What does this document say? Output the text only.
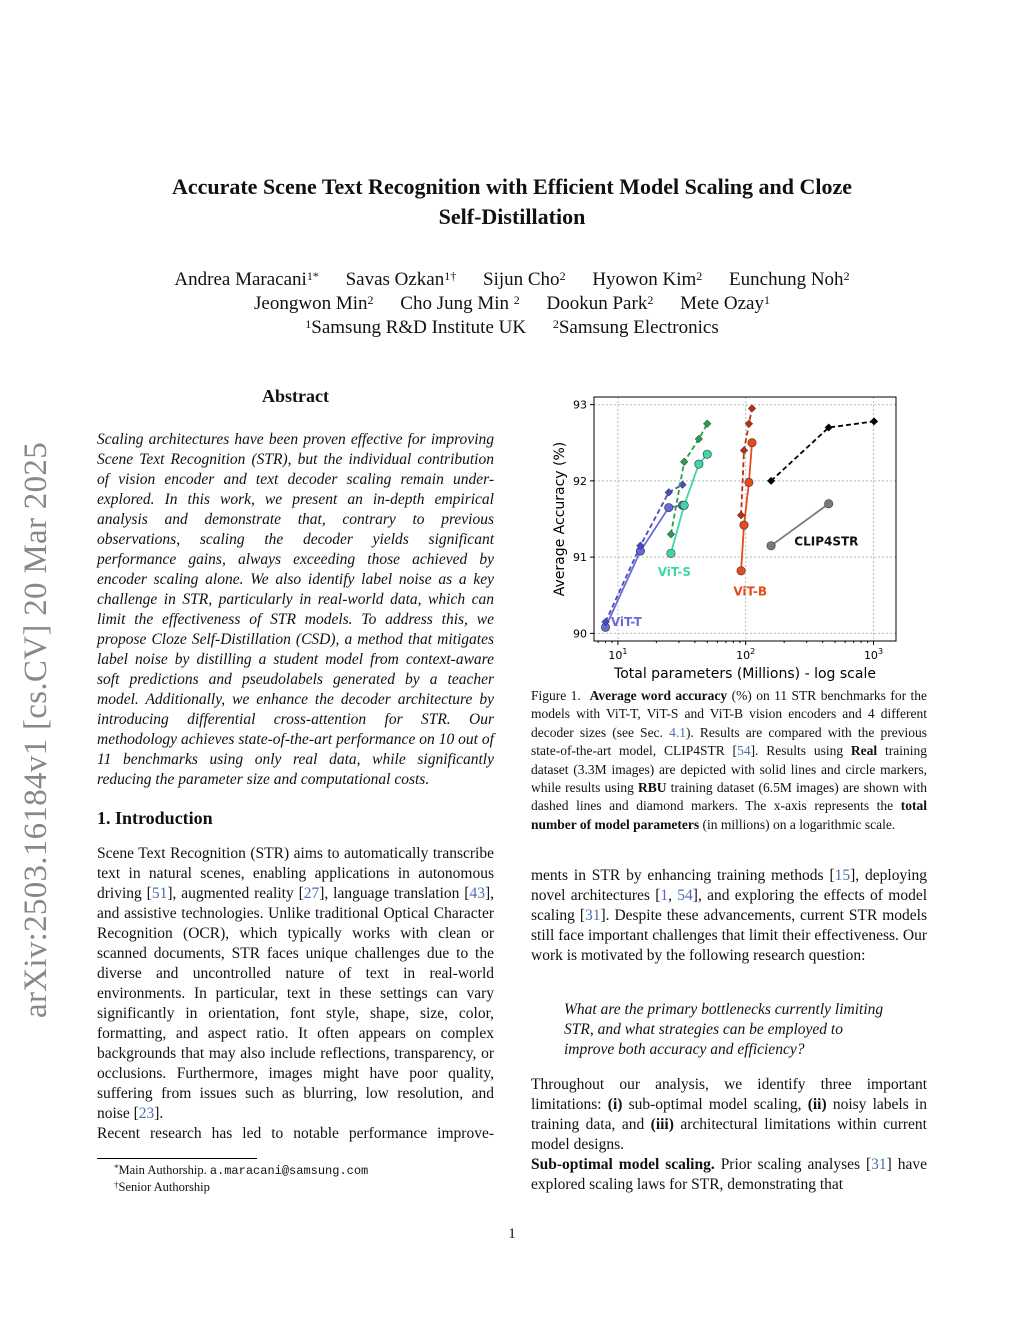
arXiv:2503.16184v1 [cs.CV] 20 Mar 2025
Accurate Scene Text Recognition with Efficient Model Scaling and Cloze
Self-Distillation
Andrea Maracani$^{1*}$ Savas Ozkan$^{1\dagger}$ Sijun Cho$^2$ Hyowon Kim$^2$ Eunchung Noh$^2$
Jeongwon Min$^2$ Cho Jung Min $^2$ Dookun Park$^2$ Mete Ozay$^1$
$^1$Samsung R&D Institute UK $^2$Samsung Electronics
Abstract

Scaling architectures have been proven effective for improving Scene Text Recognition (STR), but the individual contribution of vision encoder and text decoder scaling remain under-explored. In this work, we present an in-depth empirical analysis and demonstrate that, contrary to previous observations, scaling the decoder yields significant performance gains, always exceeding those achieved by encoder scaling alone. We also identify label noise as a key challenge in STR, particularly in real-world data, which can limit the effectiveness of STR models. To address this, we propose Cloze Self-Distillation (CSD), a method that mitigates label noise by distilling a student model from context-aware soft predictions and pseudolabels generated by a teacher model. Additionally, we enhance the decoder architecture by introducing differential cross-attention for STR. Our methodology achieves state-of-the-art performance on 10 out of 11 benchmarks using only real data, while significantly reducing the parameter size and computational costs.

1. Introduction

Scene Text Recognition (STR) aims to automatically transcribe text in natural scenes, enabling applications in autonomous driving [51], augmented reality [27], language translation [43], and assistive technologies. Unlike traditional Optical Character Recognition (OCR), which typically works with clean or scanned documents, STR faces unique challenges due to the diverse and uncontrolled nature of text in real-world environments. In particular, text in these settings can vary significantly in orientation, font style, shape, size, color, formatting, and aspect ratio. It often appears on complex backgrounds that may also include reflections, transparency, or occlusions. Furthermore, images might have poor quality, suffering from issues such as blurring, low resolution, and noise [23].

Recent research has led to notable performance improve-

*Main Authorship. a.maracani@samsung.com
†Senior Authorship
90
91
92
93
$10^1$	$10^2$	$10^3$
Total parameters (Millions) - log scale
Average Accuracy (%)
ViT-T
ViT-S
ViT-B
CLIP4STR

Figure 1. Average word accuracy (%) on 11 STR benchmarks for the models with ViT-T, ViT-S and ViT-B vision encoders and 4 different decoder sizes (see Sec. 4.1). Results are compared with the previous state-of-the-art model, CLIP4STR [54]. Results using Real training dataset (3.3M images) are depicted with solid lines and circle markers, while results using RBU training dataset (6.5M images) are shown with dashed lines and diamond markers. The x-axis represents the total number of model parameters (in millions) on a logarithmic scale.

ments in STR by enhancing training methods [15], deploying novel architectures [1, 54], and exploring the effects of model scaling [31]. Despite these advancements, current STR models still face important challenges that limit their effectiveness. Our work is motivated by the following research question:

What are the primary bottlenecks currently limiting STR, and what strategies can be employed to improve both accuracy and efficiency?

Throughout our analysis, we identify three important limitations: (i) sub-optimal model scaling, (ii) noisy labels in training data, and (iii) architectural limitations within current model designs.

Sub-optimal model scaling. Prior scaling analyses [31] have explored scaling laws for STR, demonstrating that

1
